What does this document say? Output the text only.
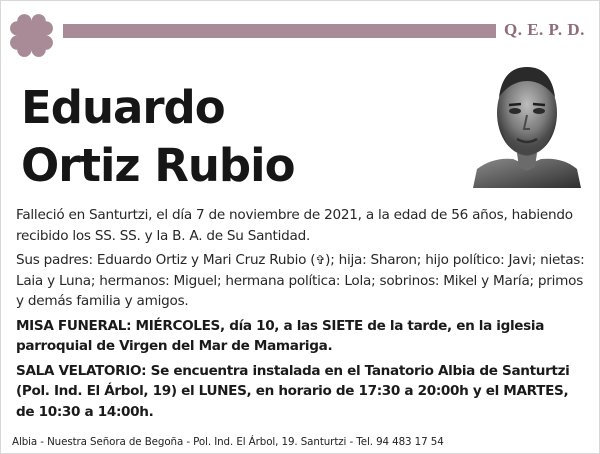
Q. E. P. D.
Eduardo
Ortiz Rubio

Falleció en Santurtzi, el día 7 de noviembre de 2021, a la edad de 56 años, habiendo recibido los SS. SS. y la B. A. de Su Santidad.

Sus padres: Eduardo Ortiz y Mari Cruz Rubio (✞); hija: Sharon; hijo político: Javi; nietas: Laia y Luna; hermanos: Miguel; hermana política: Lola; sobrinos: Mikel y María; primos y demás familia y amigos.

MISA FUNERAL: MIÉRCOLES, día 10, a las SIETE de la tarde, en la iglesia parroquial de Virgen del Mar de Mamariga.

SALA VELATORIO: Se encuentra instalada en el Tanatorio Albia de Santurtzi (Pol. Ind. El Árbol, 19) el LUNES, en horario de 17:30 a 20:00h y el MARTES, de 10:30 a 14:00h.

Albia - Nuestra Señora de Begoña - Pol. Ind. El Árbol, 19. Santurtzi - Tel. 94 483 17 54
